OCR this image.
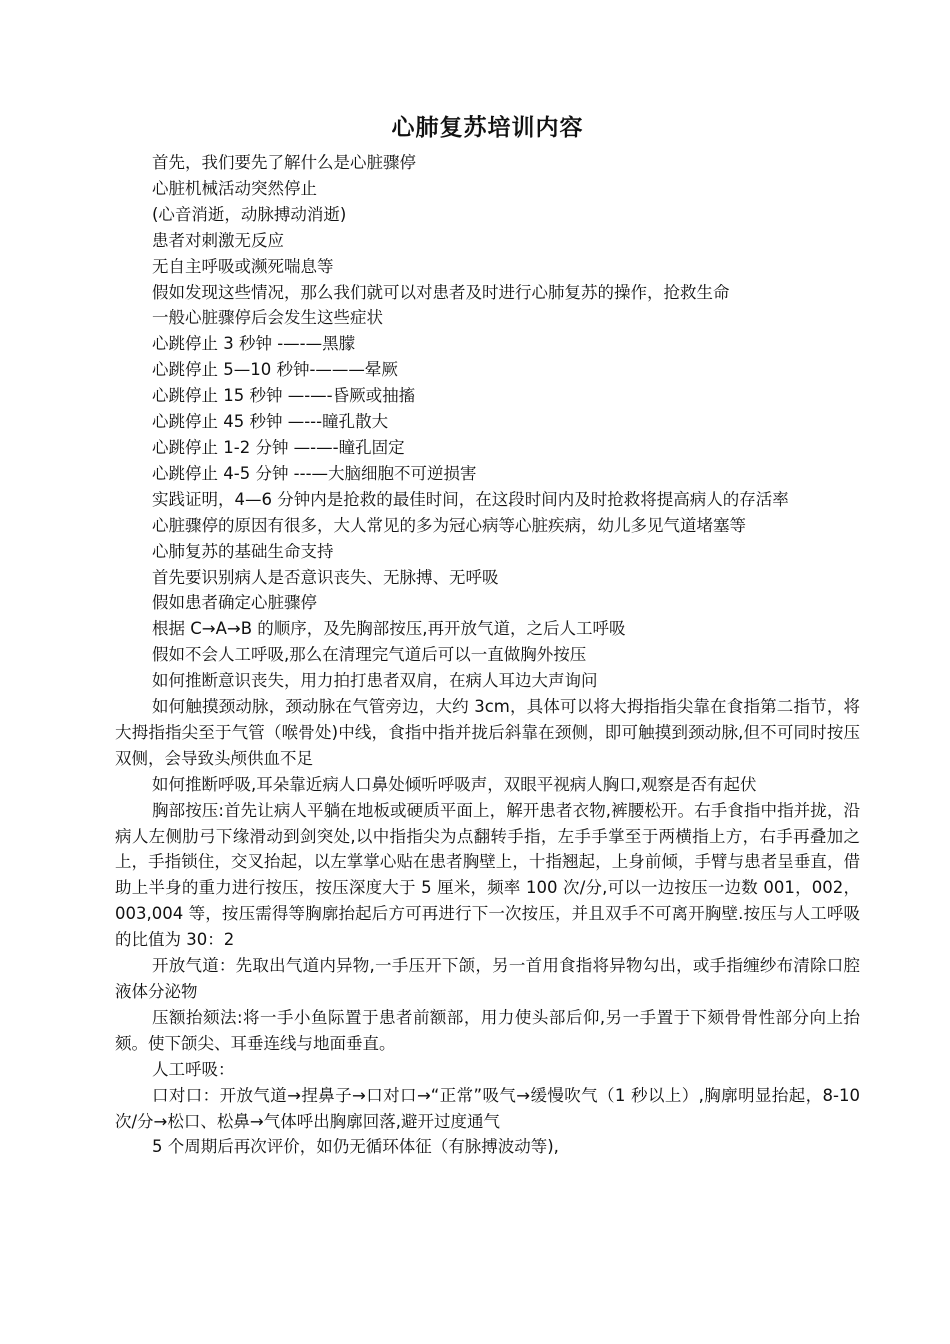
心肺复苏培训内容

首先，我们要先了解什么是心脏骤停

心脏机械活动突然停止

(心音消逝，动脉搏动消逝)

患者对刺激无反应

无自主呼吸或濒死喘息等

假如发现这些情况，那么我们就可以对患者及时进行心肺复苏的操作，抢救生命

一般心脏骤停后会发生这些症状

心跳停止 3 秒钟 -—-—黑朦

心跳停止 5—10 秒钟-———晕厥

心跳停止 15 秒钟 —-—-昏厥或抽搐

心跳停止 45 秒钟 —---瞳孔散大

心跳停止 1-2 分钟 —-—-瞳孔固定

心跳停止 4-5 分钟 ---—大脑细胞不可逆损害

实践证明，4—6 分钟内是抢救的最佳时间，在这段时间内及时抢救将提高病人的存活率

心脏骤停的原因有很多，大人常见的多为冠心病等心脏疾病，幼儿多见气道堵塞等

心肺复苏的基础生命支持

首先要识别病人是否意识丧失、无脉搏、无呼吸

假如患者确定心脏骤停

根据 C→A→B 的顺序，及先胸部按压,再开放气道，之后人工呼吸

假如不会人工呼吸,那么在清理完气道后可以一直做胸外按压

如何推断意识丧失，用力拍打患者双肩，在病人耳边大声询问

如何触摸颈动脉，颈动脉在气管旁边，大约 3cm，具体可以将大拇指指尖靠在食指第二指节，将大拇指指尖至于气管（喉骨处)中线，食指中指并拢后斜靠在颈侧，即可触摸到颈动脉,但不可同时按压双侧，会导致头颅供血不足

如何推断呼吸,耳朵靠近病人口鼻处倾听呼吸声，双眼平视病人胸口,观察是否有起伏

胸部按压:首先让病人平躺在地板或硬质平面上，解开患者衣物,裤腰松开。右手食指中指并拢，沿病人左侧肋弓下缘滑动到剑突处,以中指指尖为点翻转手指，左手手掌至于两横指上方，右手再叠加之上，手指锁住，交叉抬起，以左掌掌心贴在患者胸壁上，十指翘起，上身前倾，手臂与患者呈垂直，借助上半身的重力进行按压，按压深度大于 5 厘米，频率 100 次/分,可以一边按压一边数 001，002，003,004 等，按压需得等胸廓抬起后方可再进行下一次按压，并且双手不可离开胸壁.按压与人工呼吸的比值为 30：2

开放气道：先取出气道内异物,一手压开下颌，另一首用食指将异物勾出，或手指缠纱布清除口腔液体分泌物

压额抬颏法:将一手小鱼际置于患者前额部，用力使头部后仰,另一手置于下颏骨骨性部分向上抬颏。使下颌尖、耳垂连线与地面垂直。

人工呼吸：

口对口：开放气道→捏鼻子→口对口→“正常”吸气→缓慢吹气（1 秒以上）,胸廓明显抬起，8-10 次/分→松口、松鼻→气体呼出胸廓回落,避开过度通气

5 个周期后再次评价，如仍无循环体征（有脉搏波动等),
